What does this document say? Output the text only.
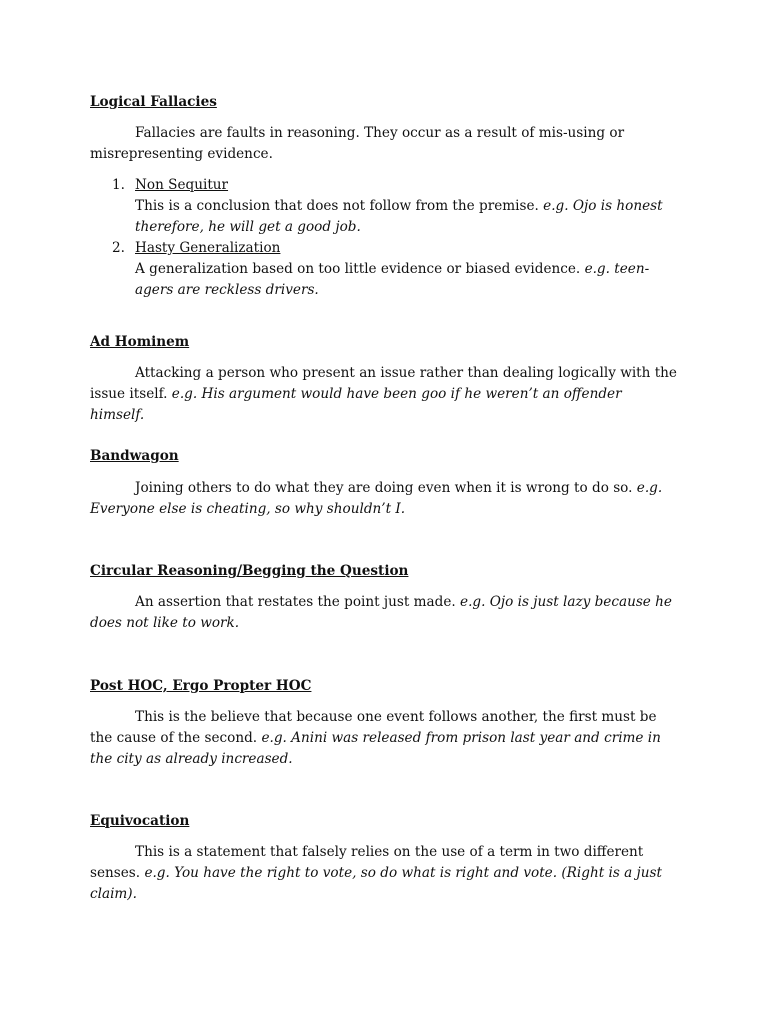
Logical Fallacies

Fallacies are faults in reasoning. They occur as a result of mis-using or misrepresenting evidence.

1. Non Sequitur
This is a conclusion that does not follow from the premise. e.g. Ojo is honest therefore, he will get a good job.
2. Hasty Generalization
A generalization based on too little evidence or biased evidence. e.g. teen-agers are reckless drivers.
Ad Hominem

Attacking a person who present an issue rather than dealing logically with the issue itself. e.g. His argument would have been goo if he weren’t an offender himself.

Bandwagon

Joining others to do what they are doing even when it is wrong to do so. e.g. Everyone else is cheating, so why shouldn’t I.

Circular Reasoning/Begging the Question

An assertion that restates the point just made. e.g. Ojo is just lazy because he does not like to work.

Post HOC, Ergo Propter HOC

This is the believe that because one event follows another, the first must be the cause of the second. e.g. Anini was released from prison last year and crime in the city as already increased.

Equivocation

This is a statement that falsely relies on the use of a term in two different senses. e.g. You have the right to vote, so do what is right and vote. (Right is a just claim).
